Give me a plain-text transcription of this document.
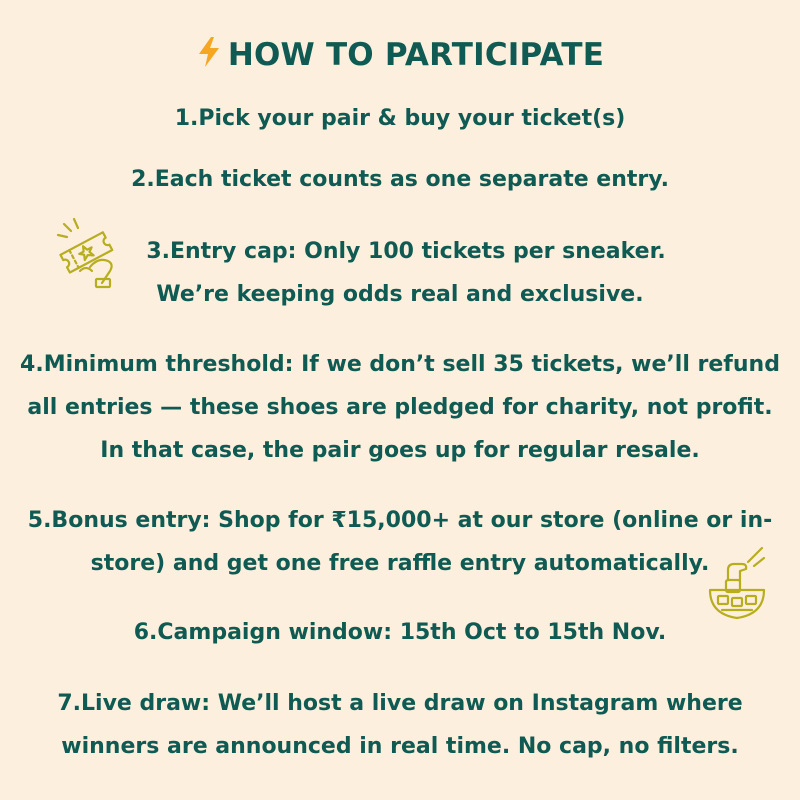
HOW TO PARTICIPATE
1.Pick your pair & buy your ticket(s)
2.Each ticket counts as one separate entry.
3.Entry cap: Only 100 tickets per sneaker.
We’re keeping odds real and exclusive.
4.Minimum threshold: If we don’t sell 35 tickets, we’ll refund
all entries — these shoes are pledged for charity, not profit.
In that case, the pair goes up for regular resale.
5.Bonus entry: Shop for ₹15,000+ at our store (online or in-
store) and get one free raffle entry automatically.
6.Campaign window: 15th Oct to 15th Nov.
7.Live draw: We’ll host a live draw on Instagram where
winners are announced in real time. No cap, no filters.
